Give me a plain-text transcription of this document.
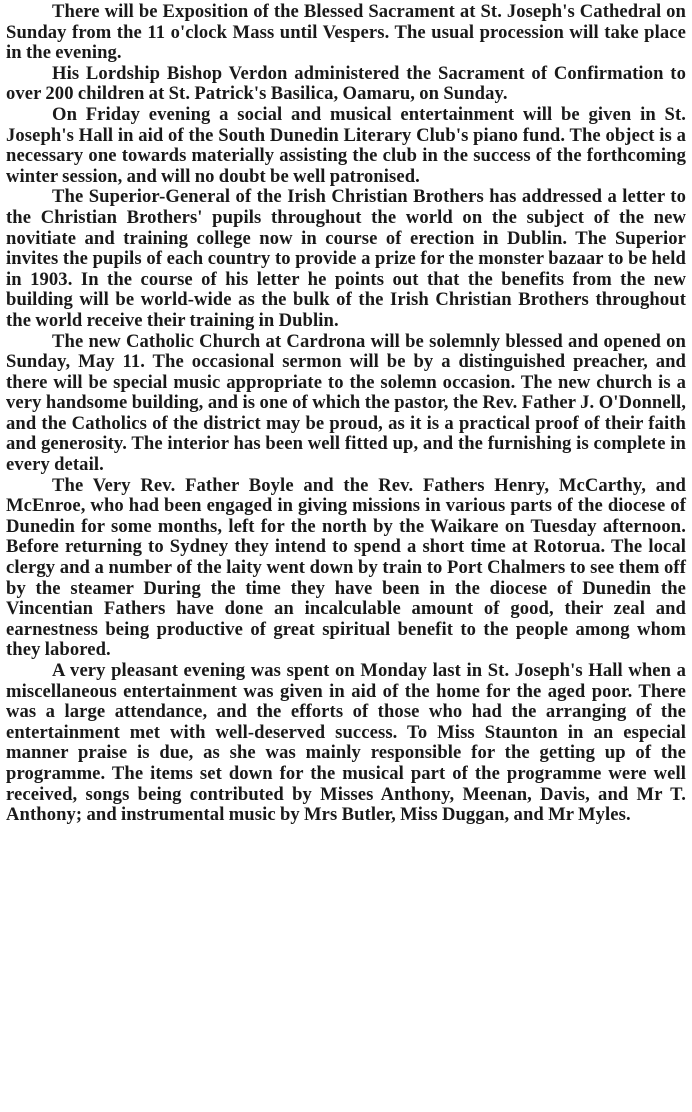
There will be Exposition of the Blessed Sacrament at St. Joseph's Cathedral on Sunday from the 11 o'clock Mass until Vespers. The usual procession will take place in the evening.

His Lordship Bishop Verdon administered the Sacrament of Confirmation to over 200 children at St. Patrick's Basilica, Oamaru, on Sunday.

On Friday evening a social and musical entertainment will be given in St. Joseph's Hall in aid of the South Dunedin Literary Club's piano fund. The object is a necessary one towards materially assisting the club in the success of the forthcoming winter session, and will no doubt be well patronised.

The Superior-General of the Irish Christian Brothers has addressed a letter to the Christian Brothers' pupils throughout the world on the subject of the new novitiate and training college now in course of erection in Dublin. The Superior invites the pupils of each country to provide a prize for the monster bazaar to be held in 1903. In the course of his letter he points out that the benefits from the new building will be world-wide as the bulk of the Irish Christian Brothers throughout the world receive their training in Dublin.

The new Catholic Church at Cardrona will be solemnly blessed and opened on Sunday, May 11. The occasional sermon will be by a distinguished preacher, and there will be special music appropriate to the solemn occasion. The new church is a very handsome building, and is one of which the pastor, the Rev. Father J. O'Donnell, and the Catholics of the district may be proud, as it is a practical proof of their faith and generosity. The interior has been well fitted up, and the furnishing is complete in every detail.

The Very Rev. Father Boyle and the Rev. Fathers Henry, McCarthy, and McEnroe, who had been engaged in giving missions in various parts of the diocese of Dunedin for some months, left for the north by the Waikare on Tuesday afternoon. Before returning to Sydney they intend to spend a short time at Rotorua. The local clergy and a number of the laity went down by train to Port Chalmers to see them off by the steamer During the time they have been in the diocese of Dunedin the Vincentian Fathers have done an incalculable amount of good, their zeal and earnestness being productive of great spiritual benefit to the people among whom they labored.

A very pleasant evening was spent on Monday last in St. Joseph's Hall when a miscellaneous entertainment was given in aid of the home for the aged poor. There was a large attendance, and the efforts of those who had the arranging of the entertainment met with well-deserved success. To Miss Staunton in an especial manner praise is due, as she was mainly responsible for the getting up of the programme. The items set down for the musical part of the programme were well received, songs being contributed by Misses Anthony, Meenan, Davis, and Mr T. Anthony; and instrumental music by Mrs Butler, Miss Duggan, and Mr Myles.
